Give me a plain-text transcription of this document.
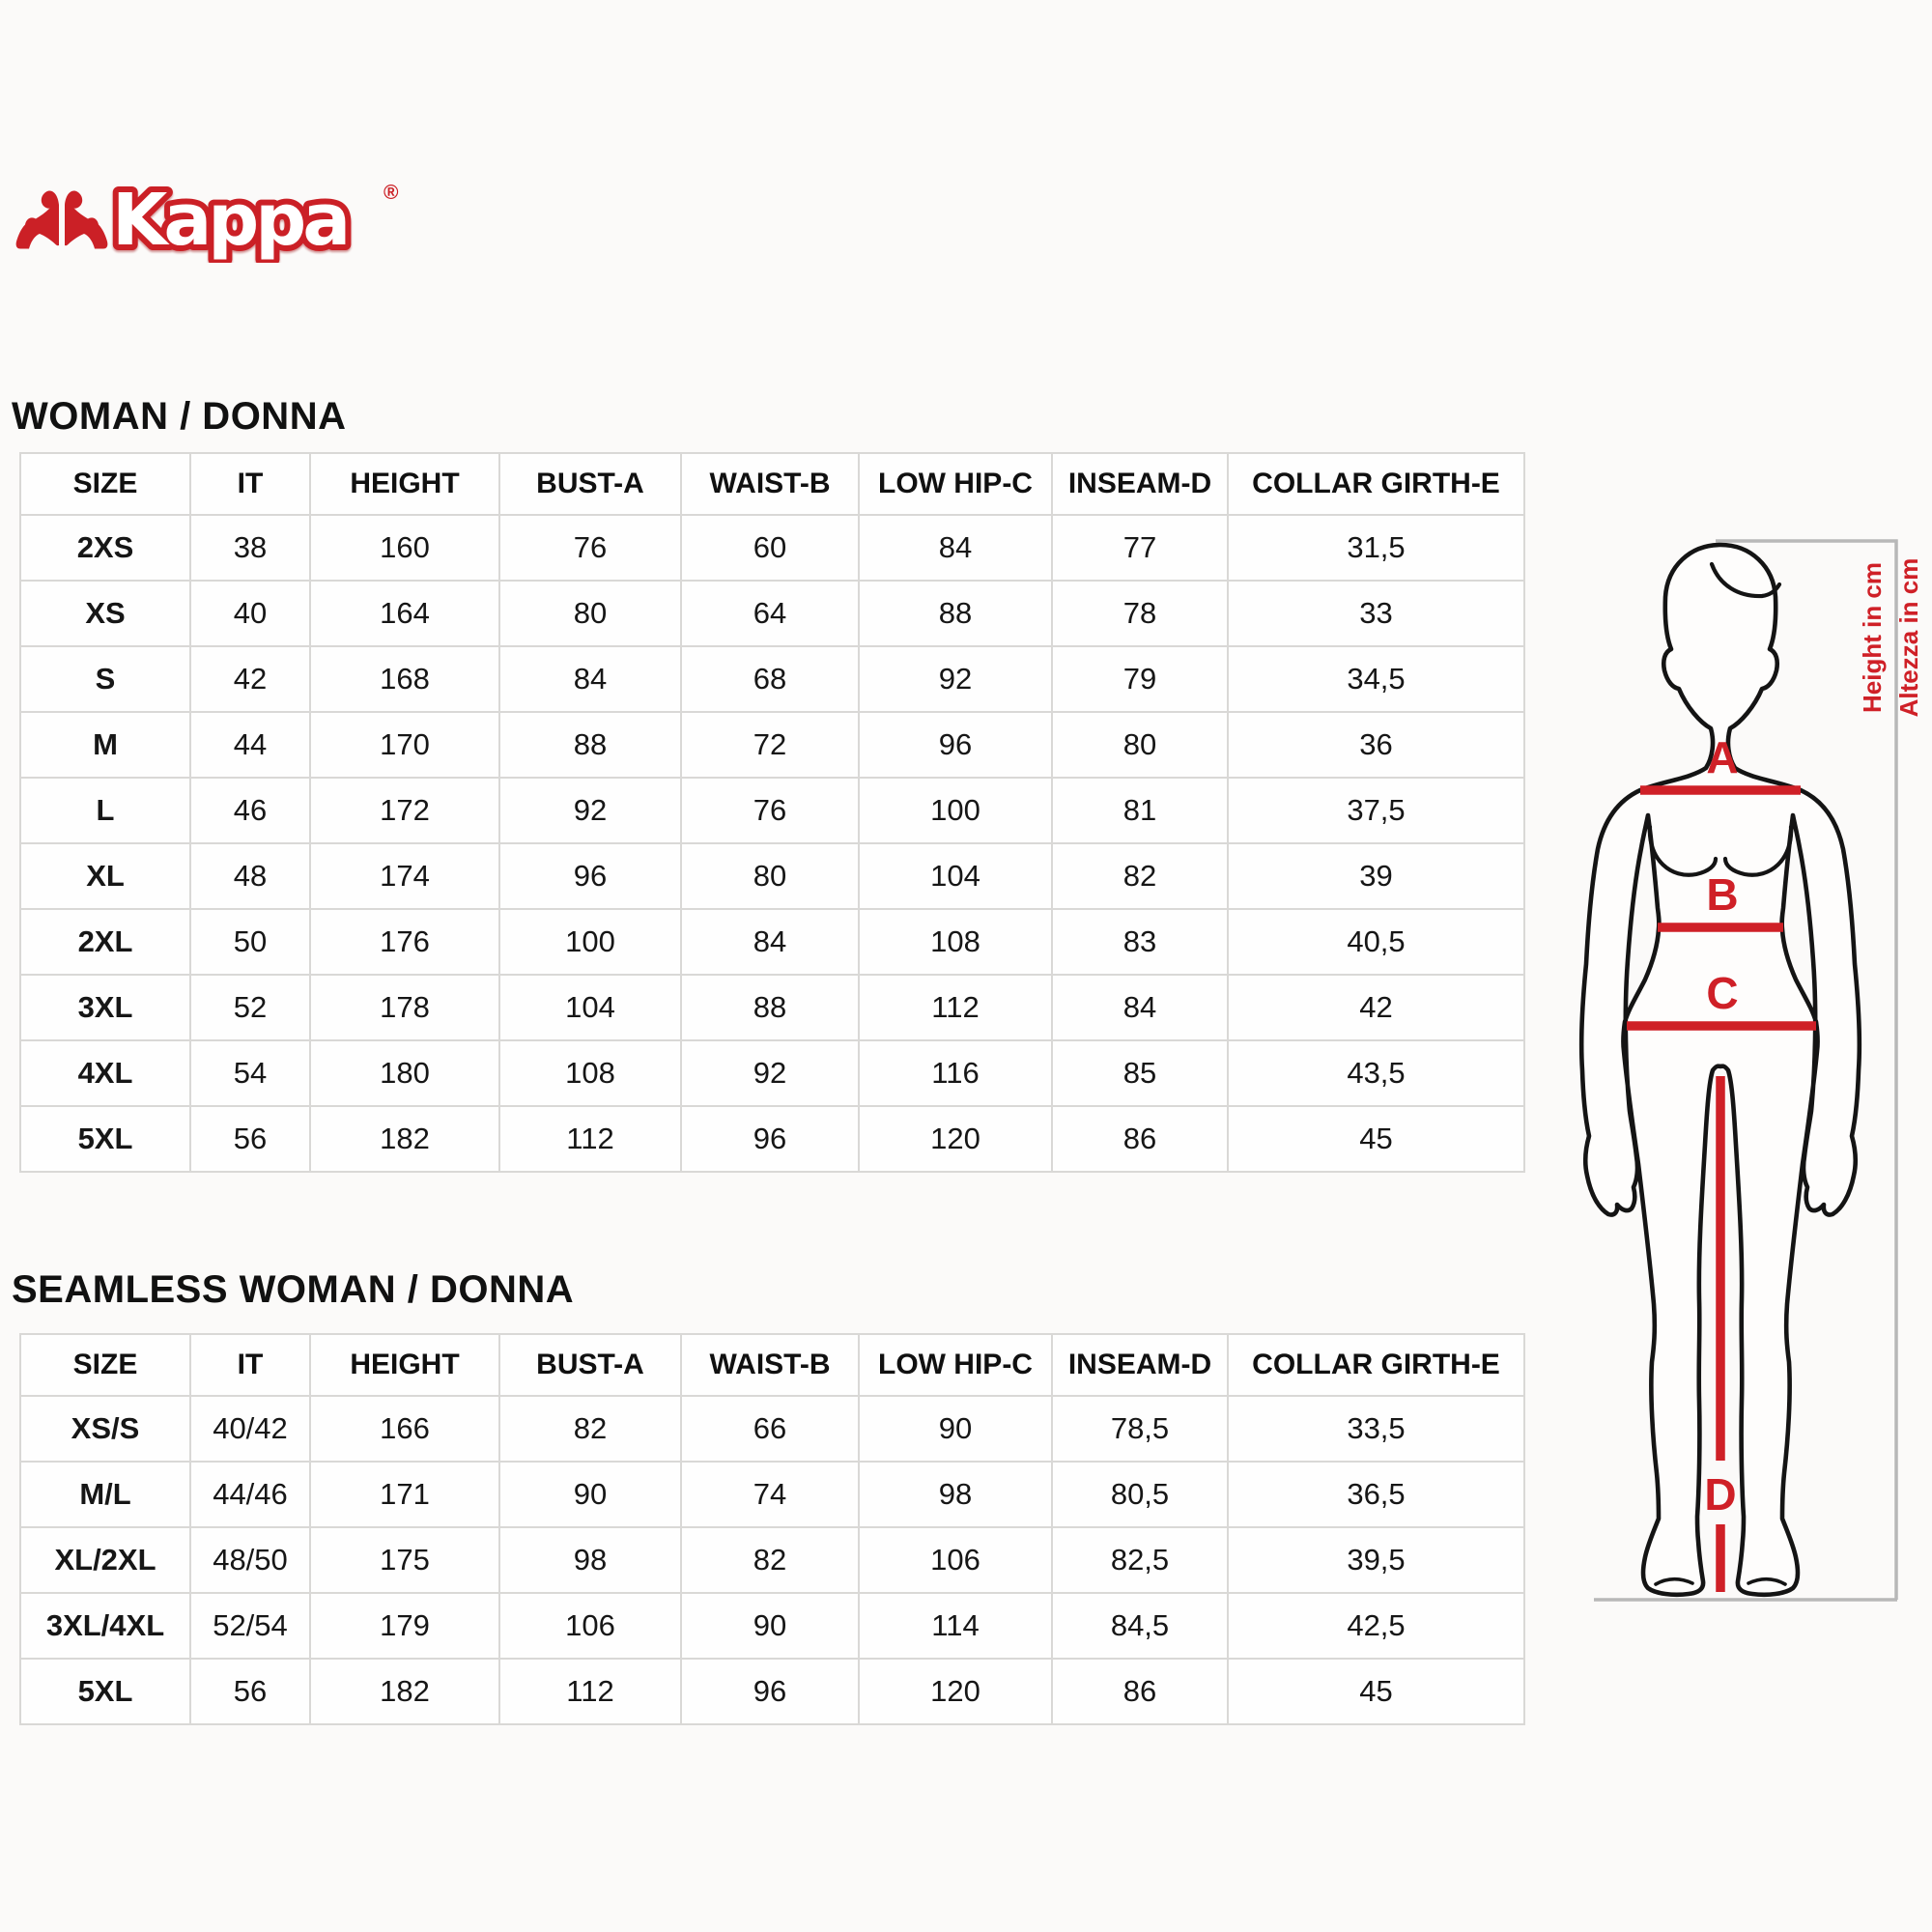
Kappa ®
WOMAN / DONNA
SIZE	IT	HEIGHT	BUST-A	WAIST-B	LOW HIP-C	INSEAM-D	COLLAR GIRTH-E
2XS	38	160	76	60	84	77	31,5
XS	40	164	80	64	88	78	33
S	42	168	84	68	92	79	34,5
M	44	170	88	72	96	80	36
L	46	172	92	76	100	81	37,5
XL	48	174	96	80	104	82	39
2XL	50	176	100	84	108	83	40,5
3XL	52	178	104	88	112	84	42
4XL	54	180	108	92	116	85	43,5
5XL	56	182	112	96	120	86	45
SEAMLESS WOMAN / DONNA
SIZE	IT	HEIGHT	BUST-A	WAIST-B	LOW HIP-C	INSEAM-D	COLLAR GIRTH-E
XS/S	40/42	166	82	66	90	78,5	33,5
M/L	44/46	171	90	74	98	80,5	36,5
XL/2XL	48/50	175	98	82	106	82,5	39,5
3XL/4XL	52/54	179	106	90	114	84,5	42,5
5XL	56	182	112	96	120	86	45
A
B
C
D
Height in cm Altezza in cm
